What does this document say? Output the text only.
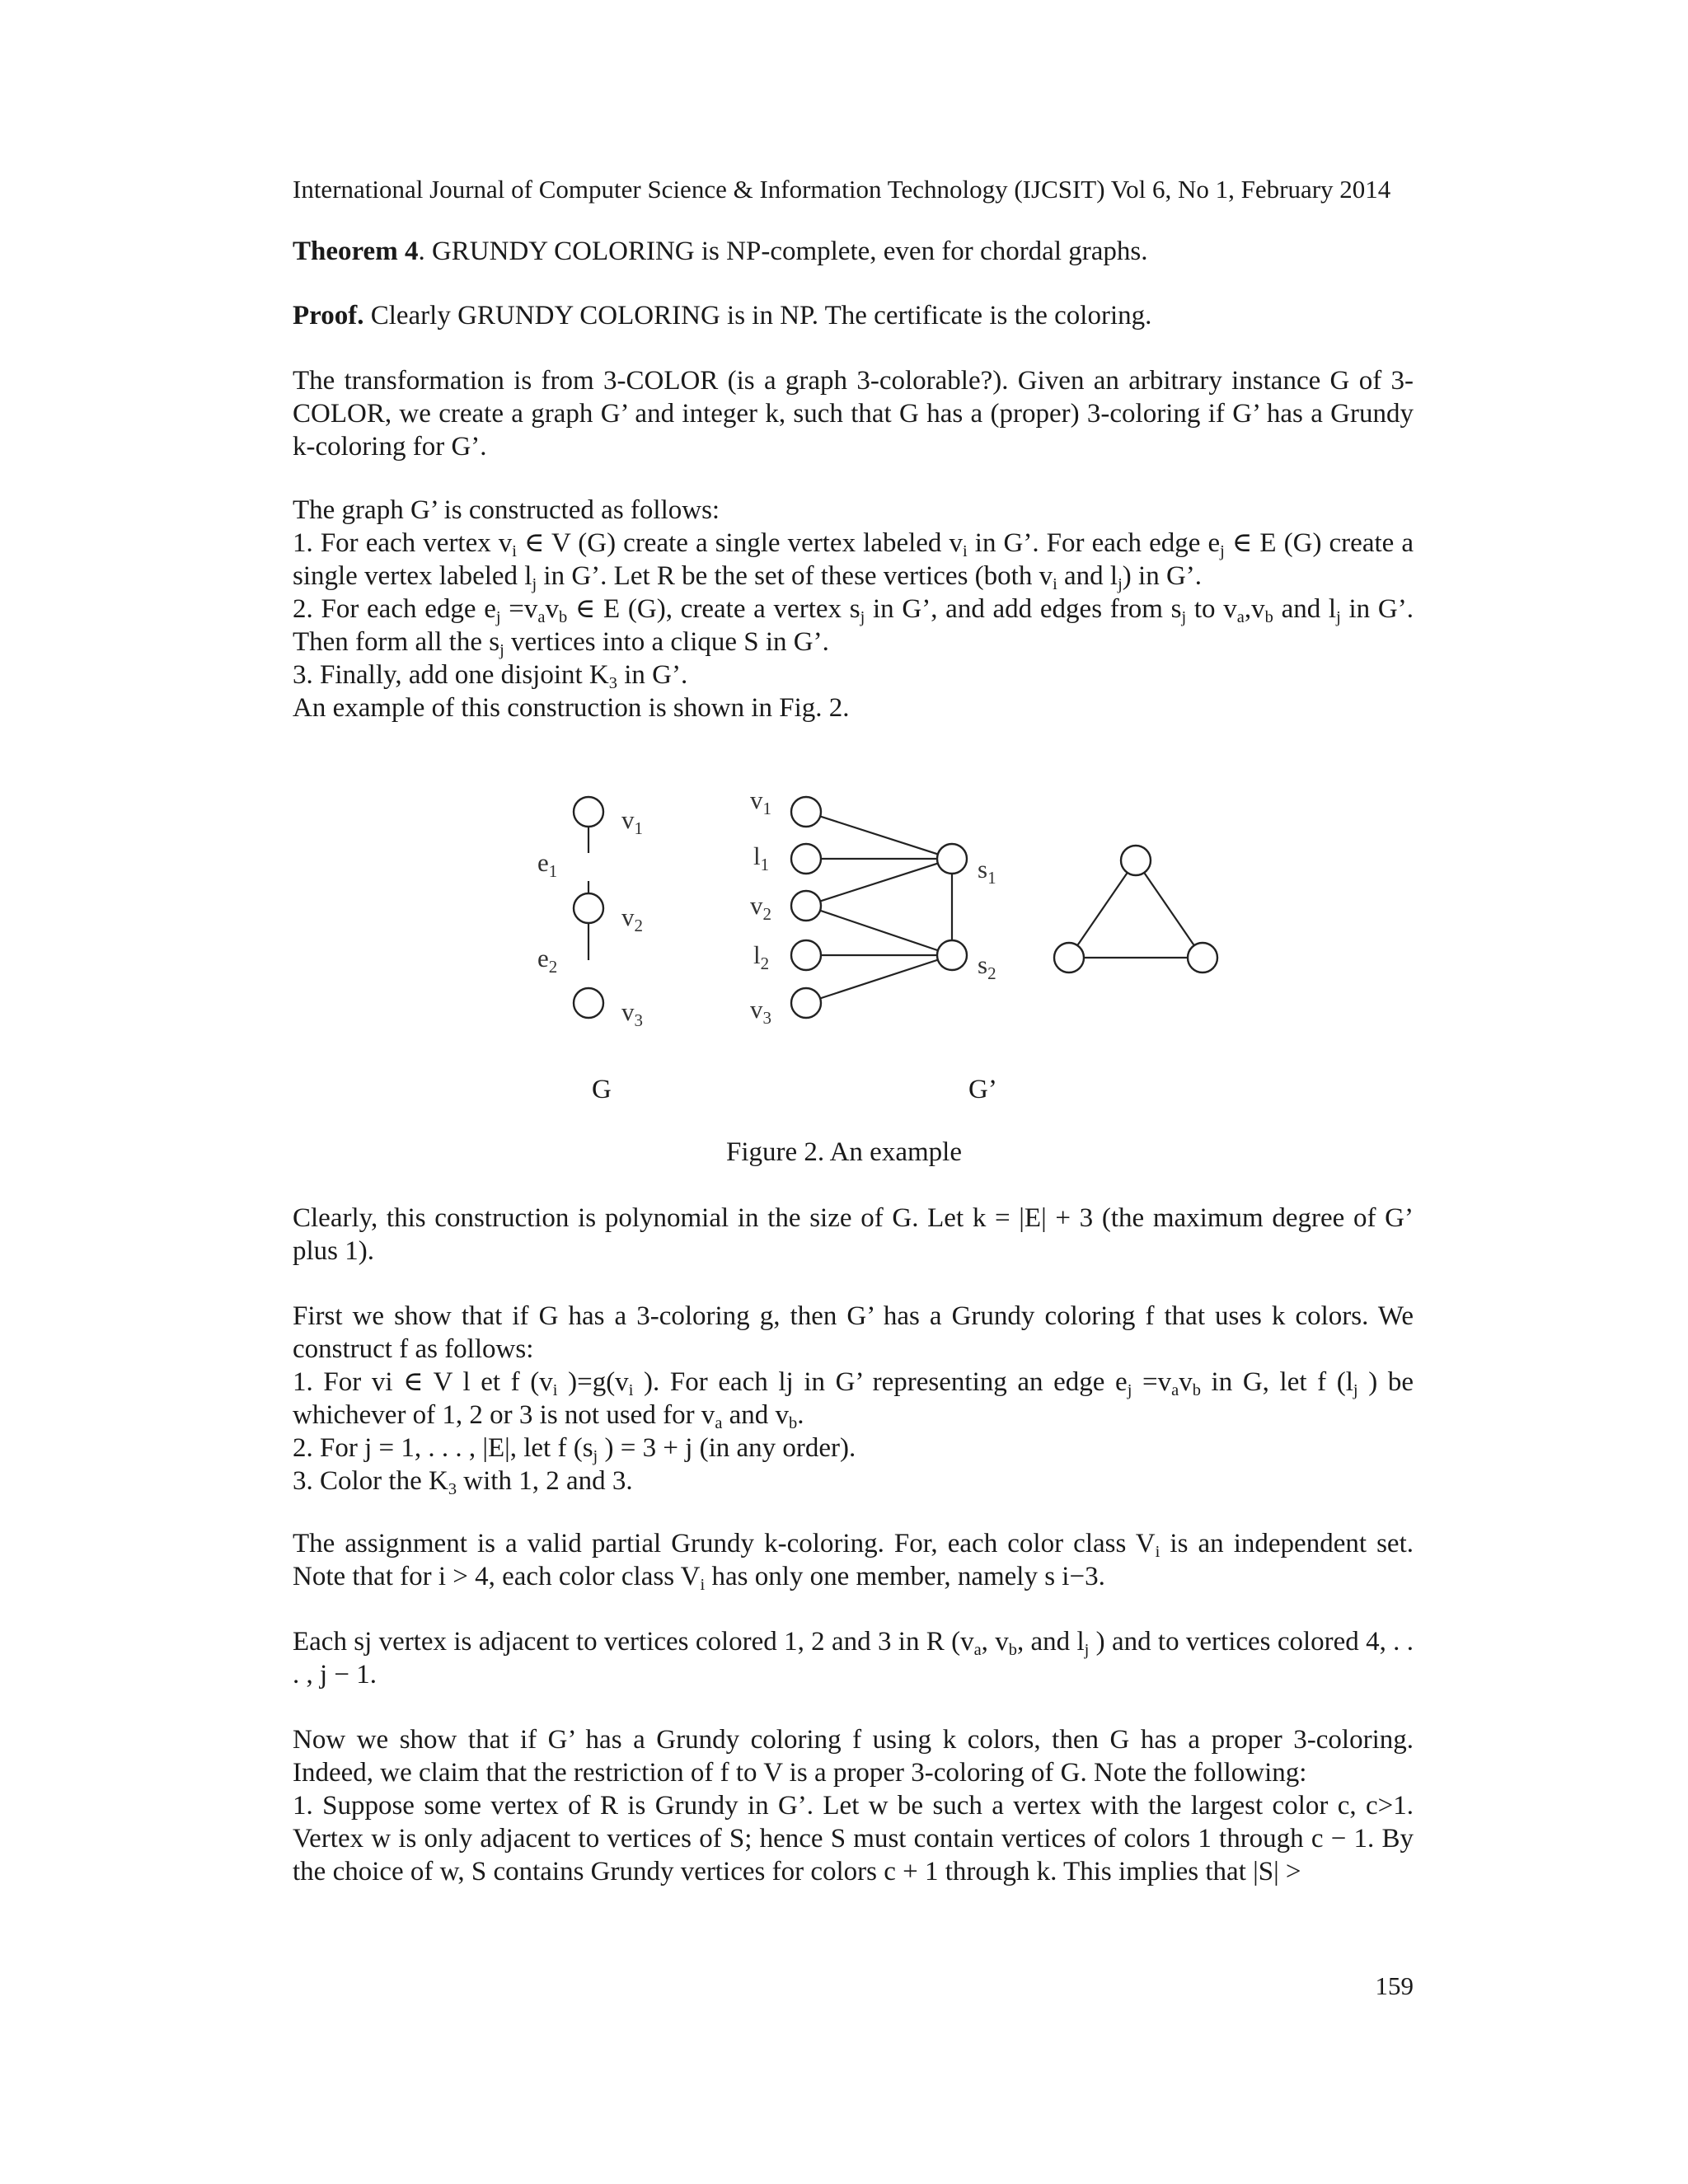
International Journal of Computer Science & Information Technology (IJCSIT) Vol 6, No 1, February 2014

Theorem 4. GRUNDY COLORING is NP-complete, even for chordal graphs.

Proof. Clearly GRUNDY COLORING is in NP. The certificate is the coloring.

The transformation is from 3-COLOR (is a graph 3-colorable?). Given an arbitrary instance G of 3-COLOR, we create a graph G’ and integer k, such that G has a (proper) 3-coloring if G’ has a Grundy k-coloring for G’.

The graph G’ is constructed as follows:

1. For each vertex $v_i$ ∈ V (G) create a single vertex labeled $v_i$ in G’. For each edge $e_j$ ∈ E (G) create a single vertex labeled $l_j$ in G’. Let R be the set of these vertices (both $v_i$ and $l_j$) in G’.

2. For each edge $e_j =v_av_b$ ∈ E (G), create a vertex $s_j$ in G’, and add edges from $s_j$ to $v_a,v_b$ and $l_j$ in G’. Then form all the $s_j$ vertices into a clique S in G’.

3. Finally, add one disjoint $K_3$ in G’.

An example of this construction is shown in Fig. 2.

$v_1$
$v_2$
$v_3$
$e_1$
$e_2$
$v_1$
$l_1$
$v_2$
$l_2$
$v_3$
$s_1$
$s_2$
G	G’
Figure 2. An example

Clearly, this construction is polynomial in the size of G. Let k = |E| + 3 (the maximum degree of G’ plus 1).

First we show that if G has a 3-coloring g, then G’ has a Grundy coloring f that uses k colors. We construct f as follows:

1. For vi ∈ V l et f ($v_i$ )$=g(v_i$ ). For each lj in G’ representing an edge $e_j =v_av_b$ in G, let f ($l_j$ ) be whichever of 1, 2 or 3 is not used for $v_a$ and $v_b$.

2. For j = 1, . . . , |E|, let f ($s_j$ ) = 3 + j (in any order).

3. Color the $K_3$ with 1, 2 and 3.

The assignment is a valid partial Grundy k-coloring. For, each color class $V_i$ is an independent set. Note that for i > 4, each color class $V_i$ has only one member, namely s i−3.

Each sj vertex is adjacent to vertices colored 1, 2 and 3 in R ($v_a$, $v_b$, and $l_j$ ) and to vertices colored 4, . . . , j − 1.

Now we show that if G’ has a Grundy coloring f using k colors, then G has a proper 3-coloring. Indeed, we claim that the restriction of f to V is a proper 3-coloring of G. Note the following:

1. Suppose some vertex of R is Grundy in G’. Let w be such a vertex with the largest color c, c>1. Vertex w is only adjacent to vertices of S; hence S must contain vertices of colors 1 through c − 1. By the choice of w, S contains Grundy vertices for colors c + 1 through k. This implies that |S| >

159
